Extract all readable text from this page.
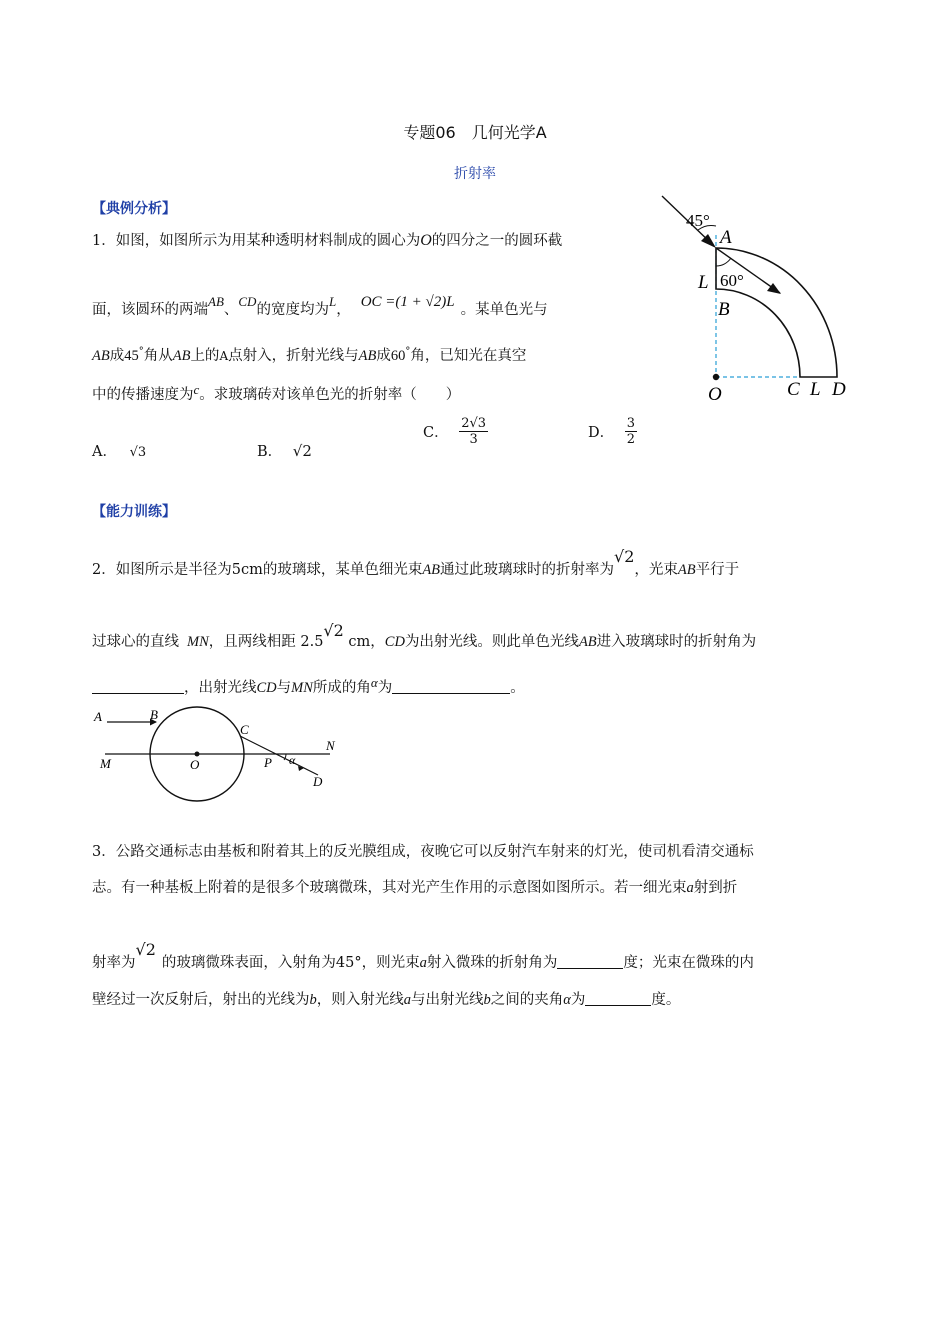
专题06　几何光学A
折射率
【典例分析】
1．如图，如图所示为用某种透明材料制成的圆心为O的四分之一的圆环截
面，该圆环的两端AB、CD的宽度均为L， OC =(1 + √2)L 。某单色光与
AB成45°角从AB上的A点射入，折射光线与AB成60°角，已知光在真空
中的传播速度为c。求玻璃砖对该单色光的折射率（　　）
A． √3	B． √2
C． $\frac{2√3}{3}$	D． $\frac{3}{2}$
45°
A
60°
L
B
O	C L D
【能力训练】
2．如图所示是半径为5cm的玻璃球，某单色细光束AB通过此玻璃球时的折射率为√2，光束AB平行于
过球心的直线 MN，且两线相距 2.5√2 cm，CD为出射光线。则此单色光线AB进入玻璃球时的折射角为
，出射光线CD与MN所成的角α为	。
A	B
C
N
M	O	P α
D
3．公路交通标志由基板和附着其上的反光膜组成，夜晚它可以反射汽车射来的灯光，使司机看清交通标
志。有一种基板上附着的是很多个玻璃微珠，其对光产生作用的示意图如图所示。若一细光束a射到折
射率为√2的玻璃微珠表面，入射角为45°，则光束a射入微珠的折射角为	度；光束在微珠的内
壁经过一次反射后，射出的光线为b，则入射光线a与出射光线b之间的夹角α为	度。
